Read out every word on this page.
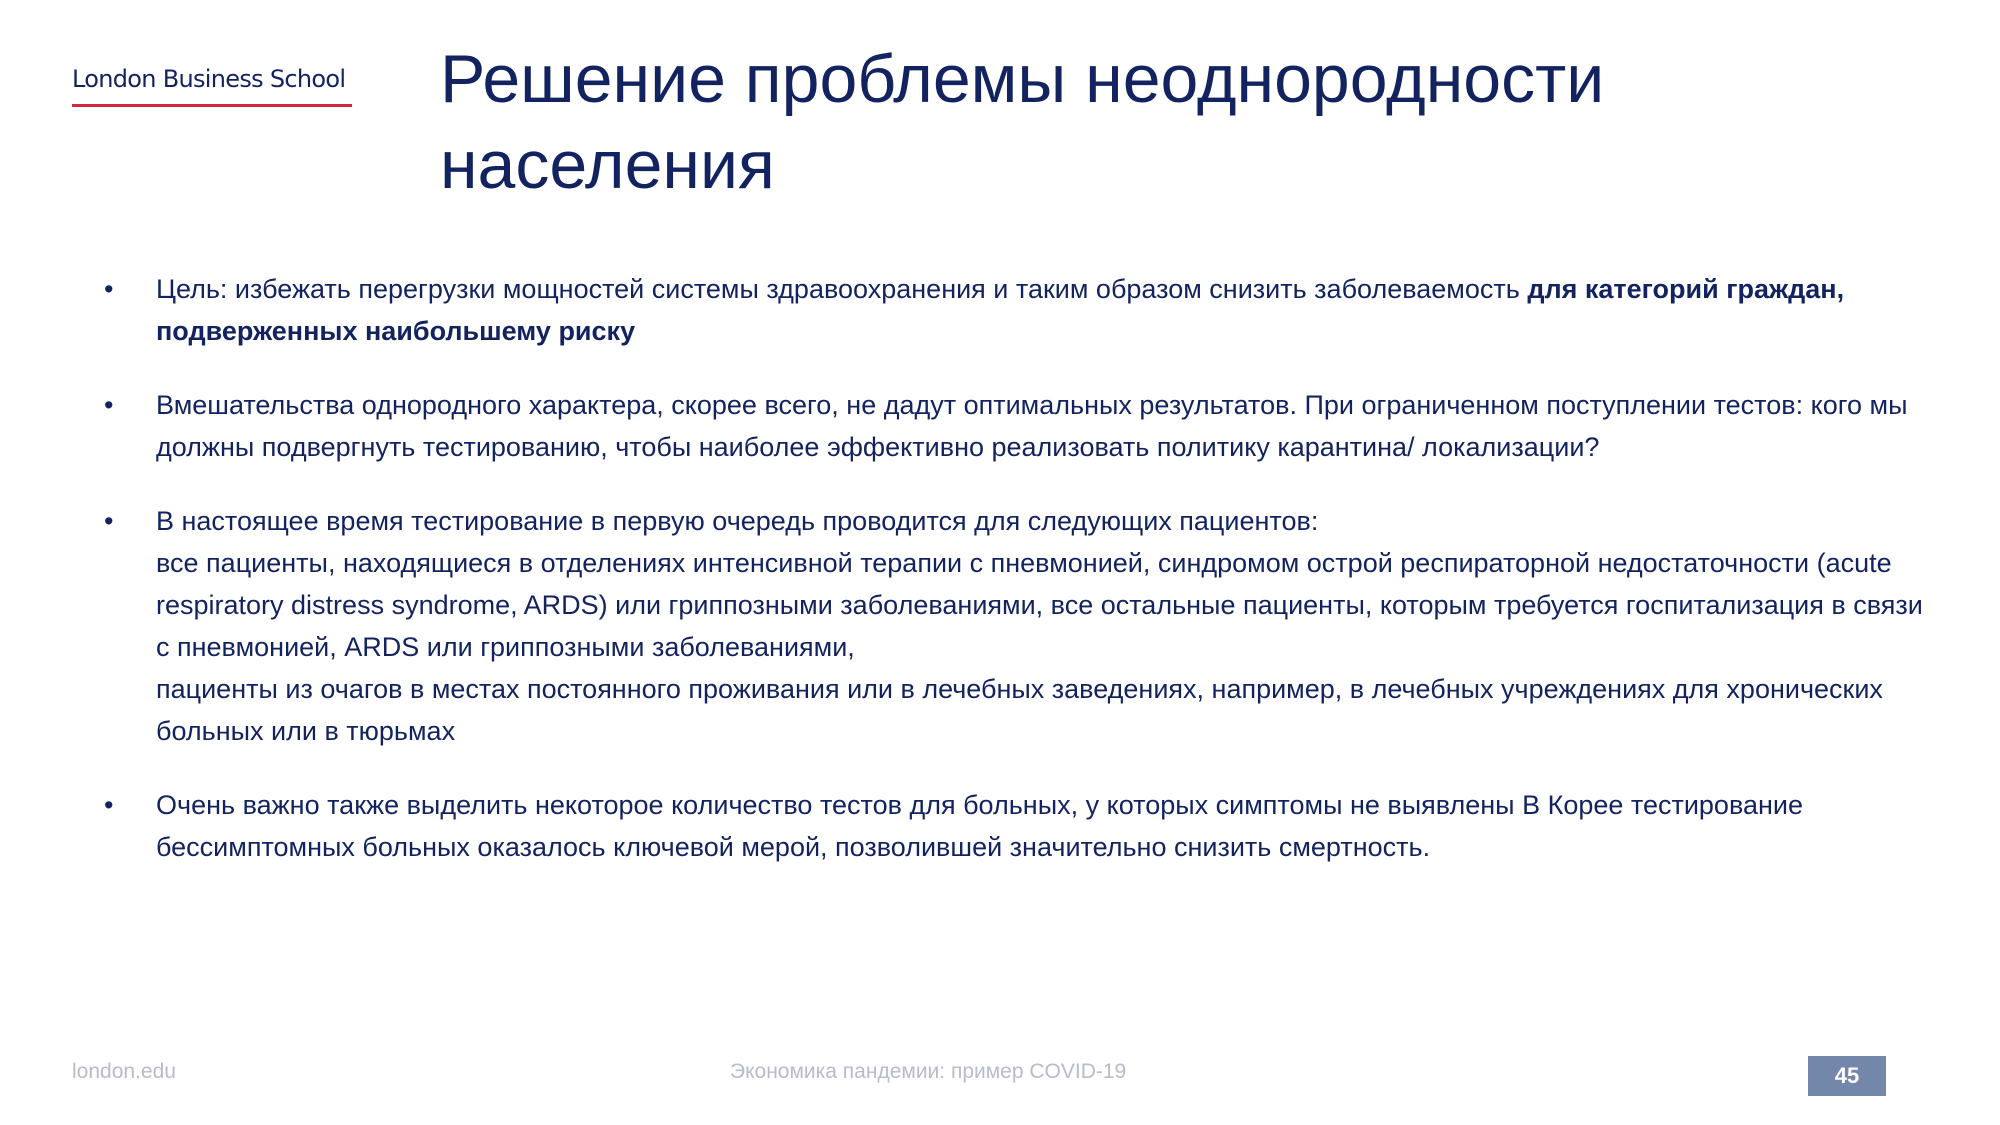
London Business School Решение проблемы неоднородности населения
• Цель: избежать перегрузки мощностей системы здравоохранения и таким образом снизить заболеваемость для категорий граждан, подверженных наибольшему риску
• Вмешательства однородного характера, скорее всего, не дадут оптимальных результатов. При ограниченном поступлении тестов: кого мы должны подвергнуть тестированию, чтобы наиболее эффективно реализовать политику карантина/ локализации?
• В настоящее время тестирование в первую очередь проводится для следующих пациентов:
все пациенты, находящиеся в отделениях интенсивной терапии с пневмонией, синдромом острой респираторной недостаточности (acute respiratory distress syndrome, ARDS) или гриппозными заболеваниями, все остальные пациенты, которым требуется госпитализация в связи с пневмонией, ARDS или гриппозными заболеваниями,
пациенты из очагов в местах постоянного проживания или в лечебных заведениях, например, в лечебных учреждениях для хронических больных или в тюрьмах
• Очень важно также выделить некоторое количество тестов для больных, у которых симптомы не выявлены В Корее тестирование бессимптомных больных оказалось ключевой мерой, позволившей значительно снизить смертность.
london.edu	Экономика пандемии: пример COVID-19	45
